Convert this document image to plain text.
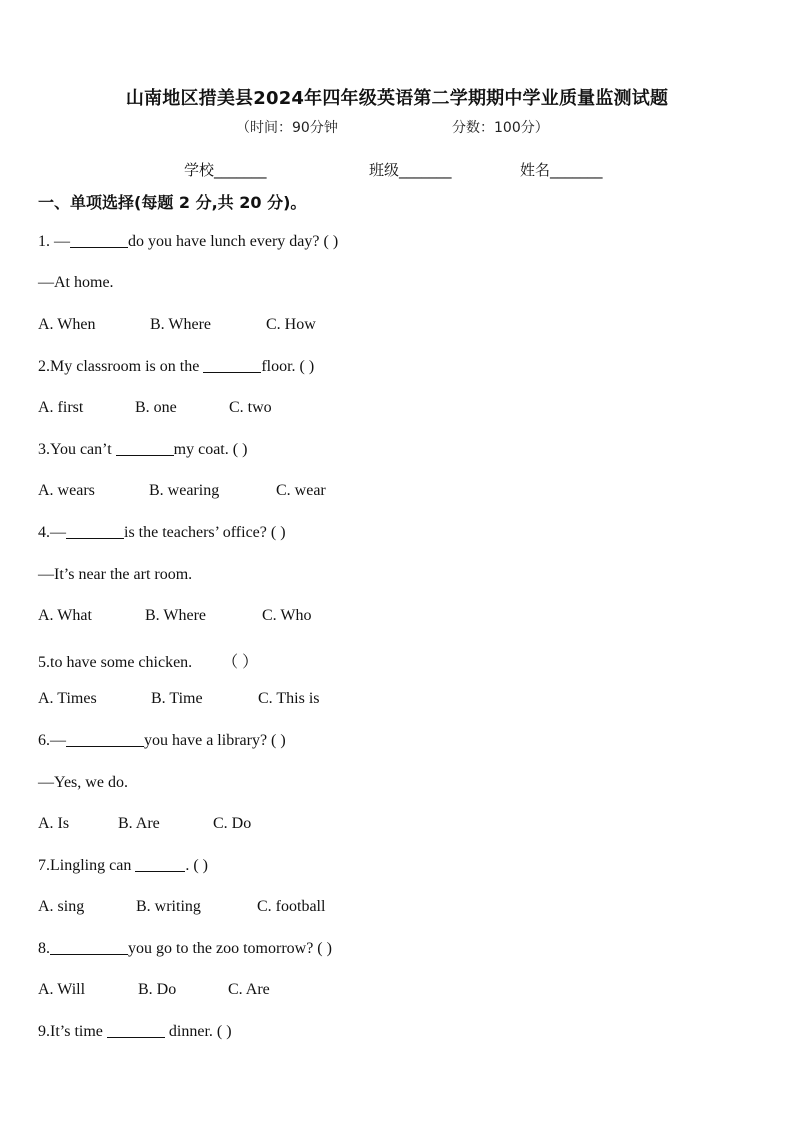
山南地区措美县2024年四年级英语第二学期期中学业质量监测试题
（时间：90分钟	分数：100分）
学校_______	班级_______	姓名_______
一、单项选择(每题 2 分,共 20 分)。
1. —	do you have lunch every day? ( )
—At home.
A. When	B. Where	C. How
2.My classroom is on the	floor. ( )
A. first	B. one	C. two
3.You can’t	my coat. ( )
A. wears	B. wearing	C. wear
4.—	is the teachers’ office? ( )
—It’s near the art room.
A. What	B. Where	C. Who
5.to have some chicken. （ ）
A. Times	B. Time	C. This is
6.—	you have a library? ( )
—Yes, we do.
A. Is	B. Are	C. Do
7.Lingling can	. ( )
A. sing	B. writing	C. football
8.	you go to the zoo tomorrow? ( )
A. Will	B. Do	C. Are
9.It’s time	dinner. ( )
